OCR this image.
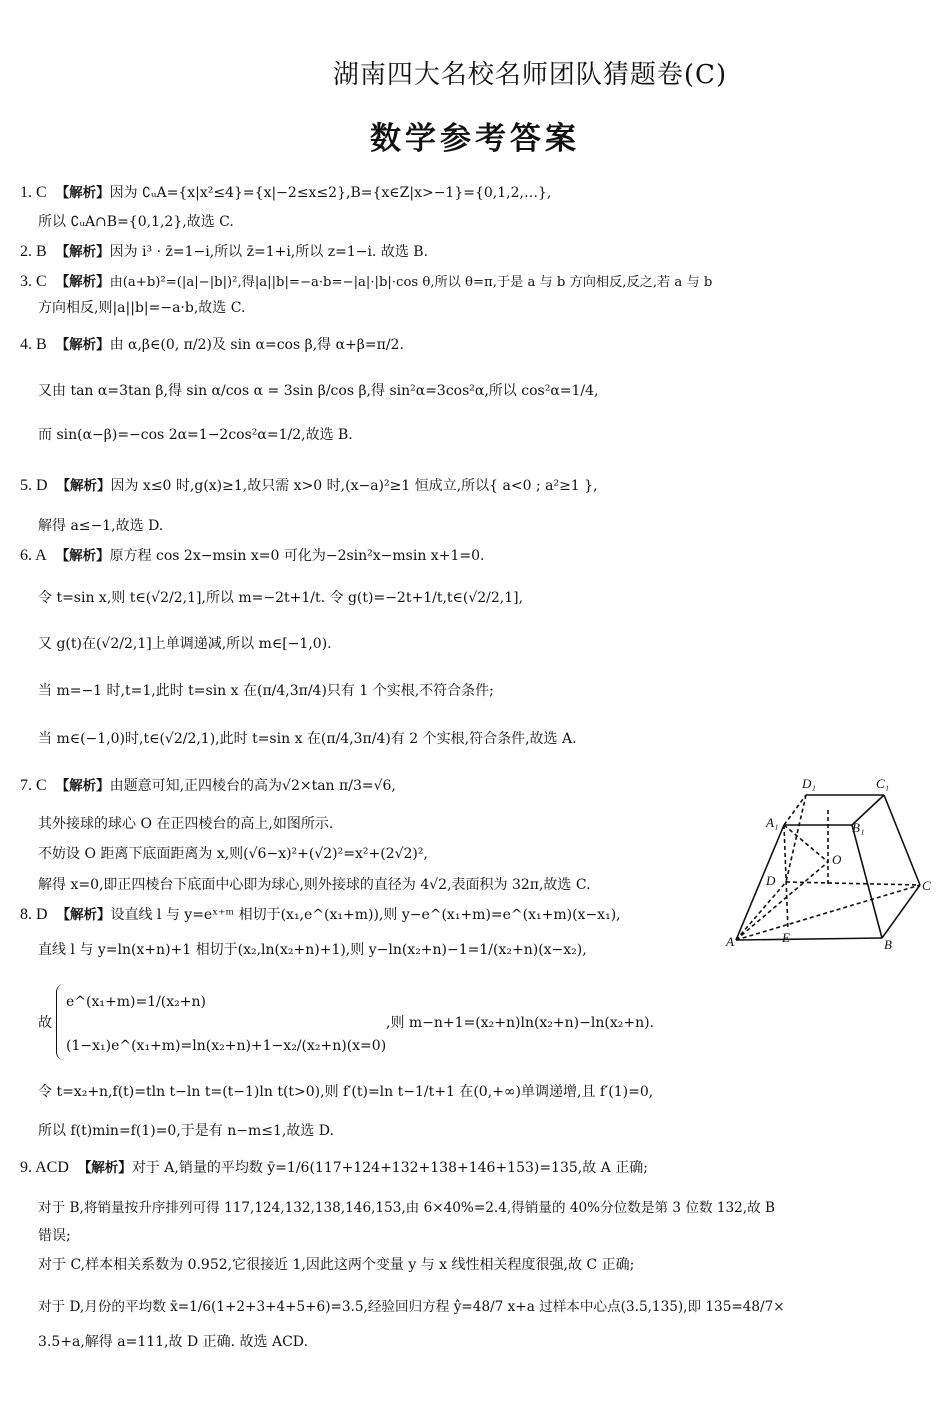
湖南四大名校名师团队猜题卷(C)
数学参考答案
1. C 【解析】因为 ∁ᵤA={x|x²≤4}={x|−2≤x≤2},B={x∈Z|x>−1}={0,1,2,…},
所以 ∁ᵤA∩B={0,1,2},故选 C.
2. B 【解析】因为 i³ · z̄=1−i,所以 z̄=1+i,所以 z=1−i. 故选 B.
3. C 【解析】由(a+b)²=(|a|−|b|)²,得|a||b|=−a·b=−|a|·|b|·cos θ,所以 θ=π,于是 a 与 b 方向相反,反之,若 a 与 b
方向相反,则|a||b|=−a·b,故选 C.
4. B 【解析】由 α,β∈(0, π/2)及 sin α=cos β,得 α+β=π/2.
又由 tan α=3tan β,得 sin α/cos α = 3sin β/cos β,得 sin²α=3cos²α,所以 cos²α=1/4,
而 sin(α−β)=−cos 2α=1−2cos²α=1/2,故选 B.
5. D 【解析】因为 x≤0 时,g(x)≥1,故只需 x>0 时,(x−a)²≥1 恒成立,所以{ a<0 ; a²≥1 },
解得 a≤−1,故选 D.
6. A 【解析】原方程 cos 2x−msin x=0 可化为−2sin²x−msin x+1=0.
令 t=sin x,则 t∈(√2/2,1],所以 m=−2t+1/t. 令 g(t)=−2t+1/t,t∈(√2/2,1],
又 g(t)在(√2/2,1]上单调递减,所以 m∈[−1,0).
当 m=−1 时,t=1,此时 t=sin x 在(π/4,3π/4)只有 1 个实根,不符合条件;
当 m∈(−1,0)时,t∈(√2/2,1),此时 t=sin x 在(π/4,3π/4)有 2 个实根,符合条件,故选 A.
7. C 【解析】由题意可知,正四棱台的高为√2×tan π/3=√6,
其外接球的球心 O 在正四棱台的高上,如图所示.
不妨设 O 距离下底面距离为 x,则(√6−x)²+(√2)²=x²+(2√2)²,
解得 x=0,即正四棱台下底面中心即为球心,则外接球的直径为 4√2,表面积为 32π,故选 C.
8. D 【解析】设直线 l 与 y=eˣ⁺ᵐ 相切于(x₁,e^(x₁+m)),则 y−e^(x₁+m)=e^(x₁+m)(x−x₁),
直线 l 与 y=ln(x+n)+1 相切于(x₂,ln(x₂+n)+1),则 y−ln(x₂+n)−1=1/(x₂+n)(x−x₂),
e^(x₁+m)=1/(x₂+n)
故
(1−x₁)e^(x₁+m)=ln(x₂+n)+1−x₂/(x₂+n)(x=0)
,则 m−n+1=(x₂+n)ln(x₂+n)−ln(x₂+n).
令 t=x₂+n,f(t)=tln t−ln t=(t−1)ln t(t>0),则 f′(t)=ln t−1/t+1 在(0,+∞)单调递增,且 f′(1)=0,
所以 f(t)min=f(1)=0,于是有 n−m≤1,故选 D.
9. ACD 【解析】对于 A,销量的平均数 ȳ=1/6(117+124+132+138+146+153)=135,故 A 正确;
对于 B,将销量按升序排列可得 117,124,132,138,146,153,由 6×40%=2.4,得销量的 40%分位数是第 3 位数 132,故 B
错误;
对于 C,样本相关系数为 0.952,它很接近 1,因此这两个变量 y 与 x 线性相关程度很强,故 C 正确;
对于 D,月份的平均数 x̄=1/6(1+2+3+4+5+6)=3.5,经验回归方程 ŷ=48/7 x+a 过样本中心点(3.5,135),即 135=48/7×
3.5+a,解得 a=111,故 D 正确. 故选 ACD.
D₁	C₁
A₁	B₁
O
D	C
A	E	B
